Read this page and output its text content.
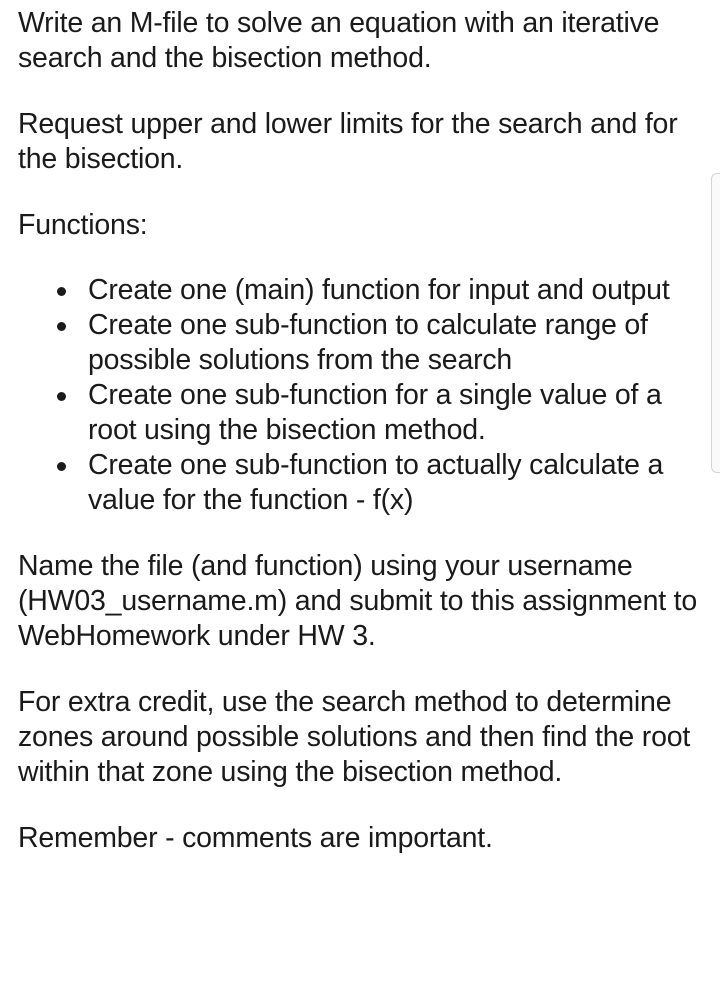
Write an M-file to solve an equation with an iterative search and the bisection method.

Request upper and lower limits for the search and for the bisection.

Functions:

Create one (main) function for input and output
Create one sub-function to calculate range of possible solutions from the search
Create one sub-function for a single value of a root using the bisection method.
Create one sub-function to actually calculate a value for the function - f(x)

Name the file (and function) using your username (HW03_username.m) and submit to this assignment to WebHomework under HW 3.

For extra credit, use the search method to determine zones around possible solutions and then find the root within that zone using the bisection method.

Remember - comments are important.
